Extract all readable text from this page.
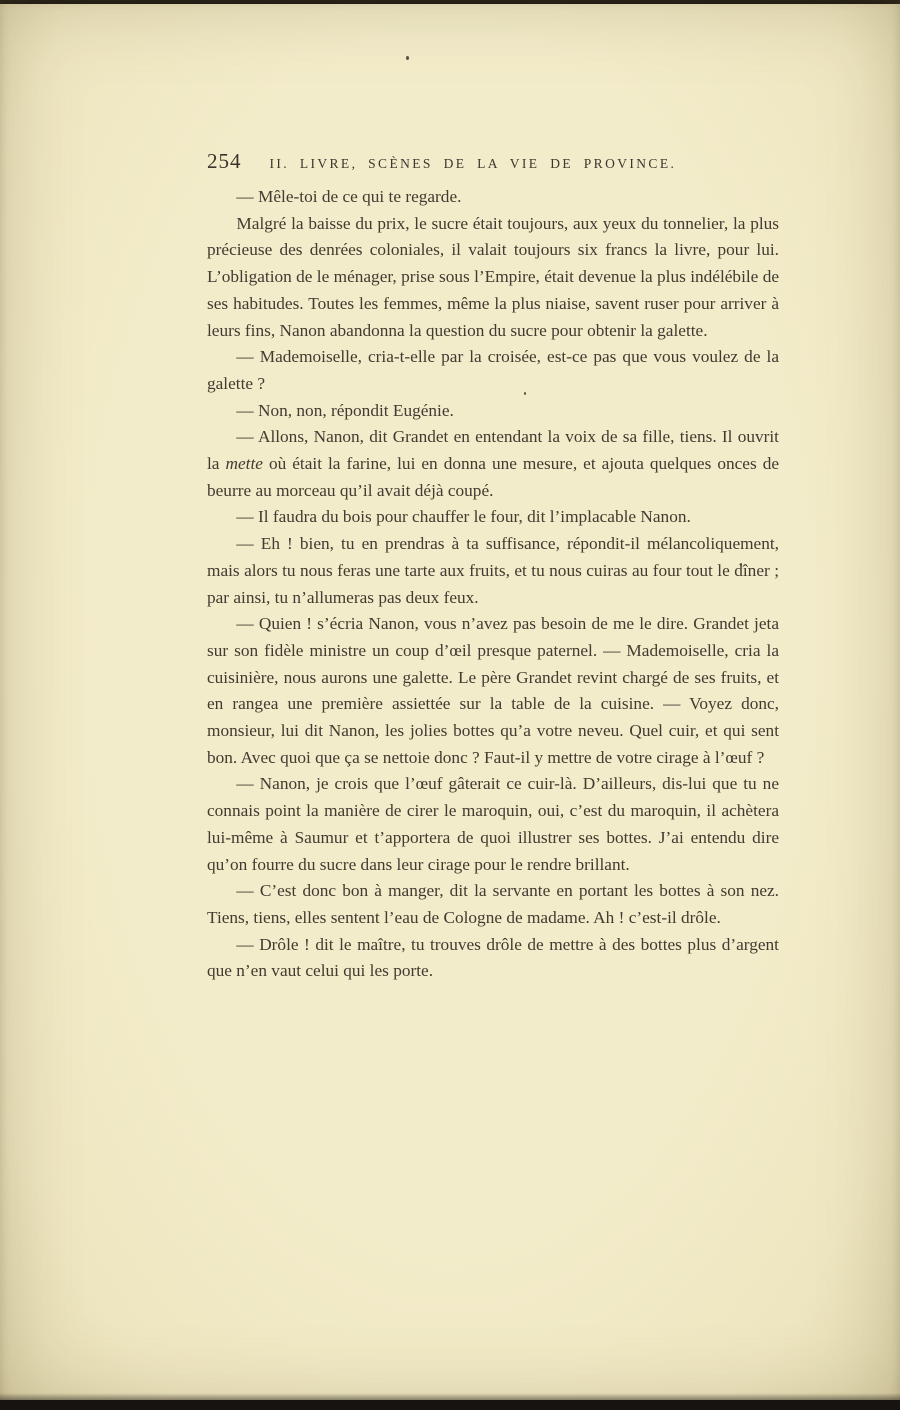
254 II. LIVRE, SCÈNES DE LA VIE DE PROVINCE.

— Mêle-toi de ce qui te regarde.

Malgré la baisse du prix, le sucre était toujours, aux yeux du tonnelier, la plus précieuse des denrées coloniales, il valait toujours six francs la livre, pour lui. L’obligation de le ménager, prise sous l’Empire, était devenue la plus indélébile de ses habitudes. Toutes les femmes, même la plus niaise, savent ruser pour arriver à leurs fins, Nanon abandonna la question du sucre pour obtenir la galette.

— Mademoiselle, cria-t-elle par la croisée, est-ce pas que vous voulez de la galette ?

— Non, non, répondit Eugénie.

— Allons, Nanon, dit Grandet en entendant la voix de sa fille, tiens. Il ouvrit la mette où était la farine, lui en donna une mesure, et ajouta quelques onces de beurre au morceau qu’il avait déjà coupé.

— Il faudra du bois pour chauffer le four, dit l’implacable Nanon.

— Eh ! bien, tu en prendras à ta suffisance, répondit-il mélancoliquement, mais alors tu nous feras une tarte aux fruits, et tu nous cuiras au four tout le dîner ; par ainsi, tu n’allumeras pas deux feux.

— Quien ! s’écria Nanon, vous n’avez pas besoin de me le dire. Grandet jeta sur son fidèle ministre un coup d’œil presque paternel. — Mademoiselle, cria la cuisinière, nous aurons une galette. Le père Grandet revint chargé de ses fruits, et en rangea une première assiettée sur la table de la cuisine. — Voyez donc, monsieur, lui dit Nanon, les jolies bottes qu’a votre neveu. Quel cuir, et qui sent bon. Avec quoi que ça se nettoie donc ? Faut-il y mettre de votre cirage à l’œuf ?

— Nanon, je crois que l’œuf gâterait ce cuir-là. D’ailleurs, dis-lui que tu ne connais point la manière de cirer le maroquin, oui, c’est du maroquin, il achètera lui-même à Saumur et t’apportera de quoi illustrer ses bottes. J’ai entendu dire qu’on fourre du sucre dans leur cirage pour le rendre brillant.

— C’est donc bon à manger, dit la servante en portant les bottes à son nez. Tiens, tiens, elles sentent l’eau de Cologne de madame. Ah ! c’est-il drôle.

— Drôle ! dit le maître, tu trouves drôle de mettre à des bottes plus d’argent que n’en vaut celui qui les porte.
